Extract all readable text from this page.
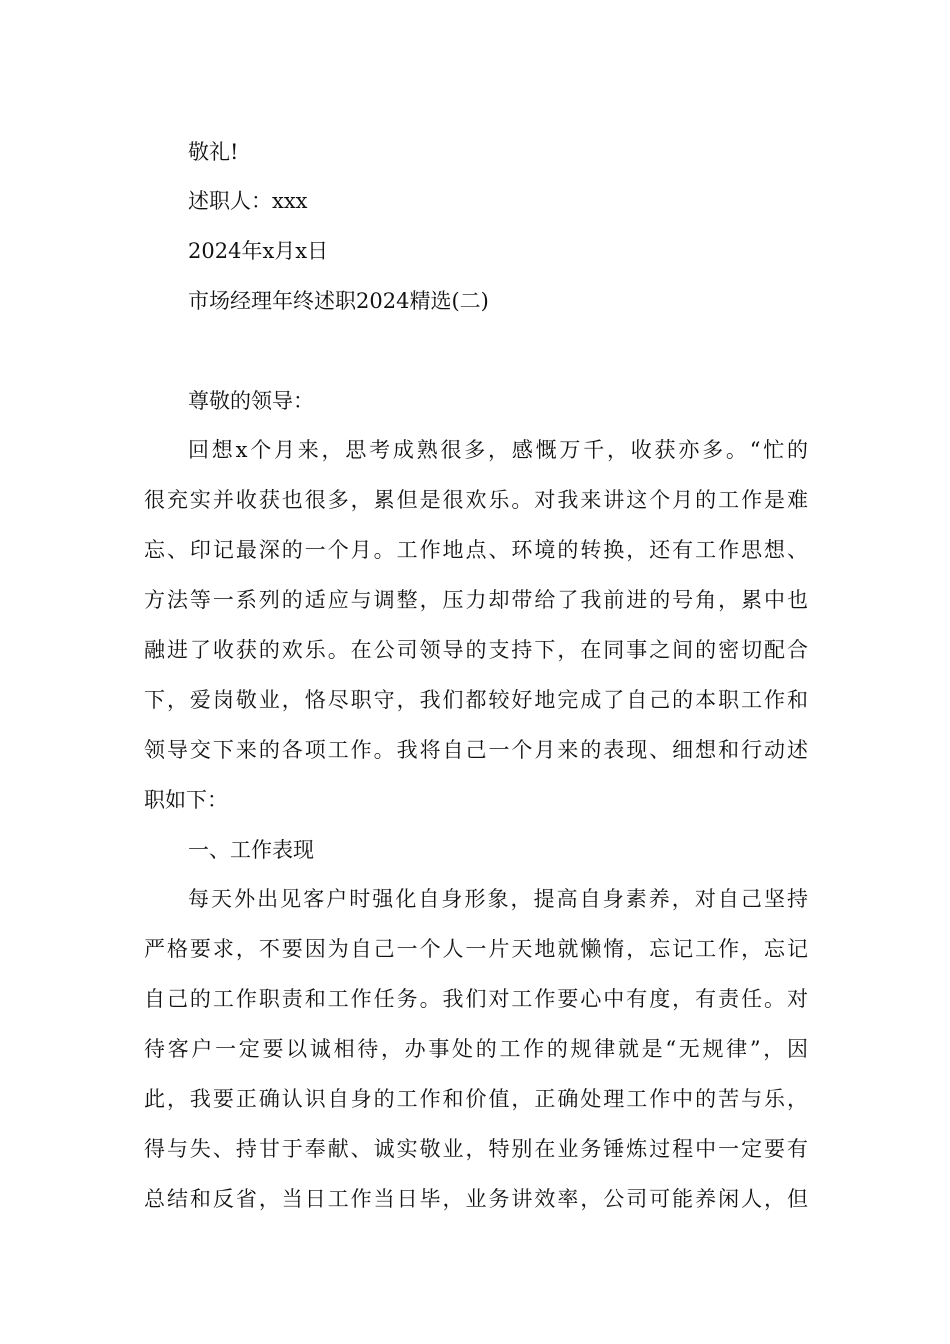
敬礼!
述职人：xxx
2024年x月x日
市场经理年终述职2024精选(二)
尊敬的领导：
回想x个月来，思考成熟很多，感慨万千，收获亦多。“忙的
很充实并收获也很多，累但是很欢乐。对我来讲这个月的工作是难
忘、印记最深的一个月。工作地点、环境的转换，还有工作思想、
方法等一系列的适应与调整，压力却带给了我前进的号角，累中也
融进了收获的欢乐。在公司领导的支持下，在同事之间的密切配合
下，爱岗敬业，恪尽职守，我们都较好地完成了自己的本职工作和
领导交下来的各项工作。我将自己一个月来的表现、细想和行动述
职如下：
一、工作表现
每天外出见客户时强化自身形象，提高自身素养，对自己坚持
严格要求，不要因为自己一个人一片天地就懒惰，忘记工作，忘记
自己的工作职责和工作任务。我们对工作要心中有度，有责任。对
待客户一定要以诚相待，办事处的工作的规律就是“无规律”，因
此，我要正确认识自身的工作和价值，正确处理工作中的苦与乐，
得与失、持甘于奉献、诚实敬业，特别在业务锤炼过程中一定要有
总结和反省，当日工作当日毕，业务讲效率，公司可能养闲人，但
